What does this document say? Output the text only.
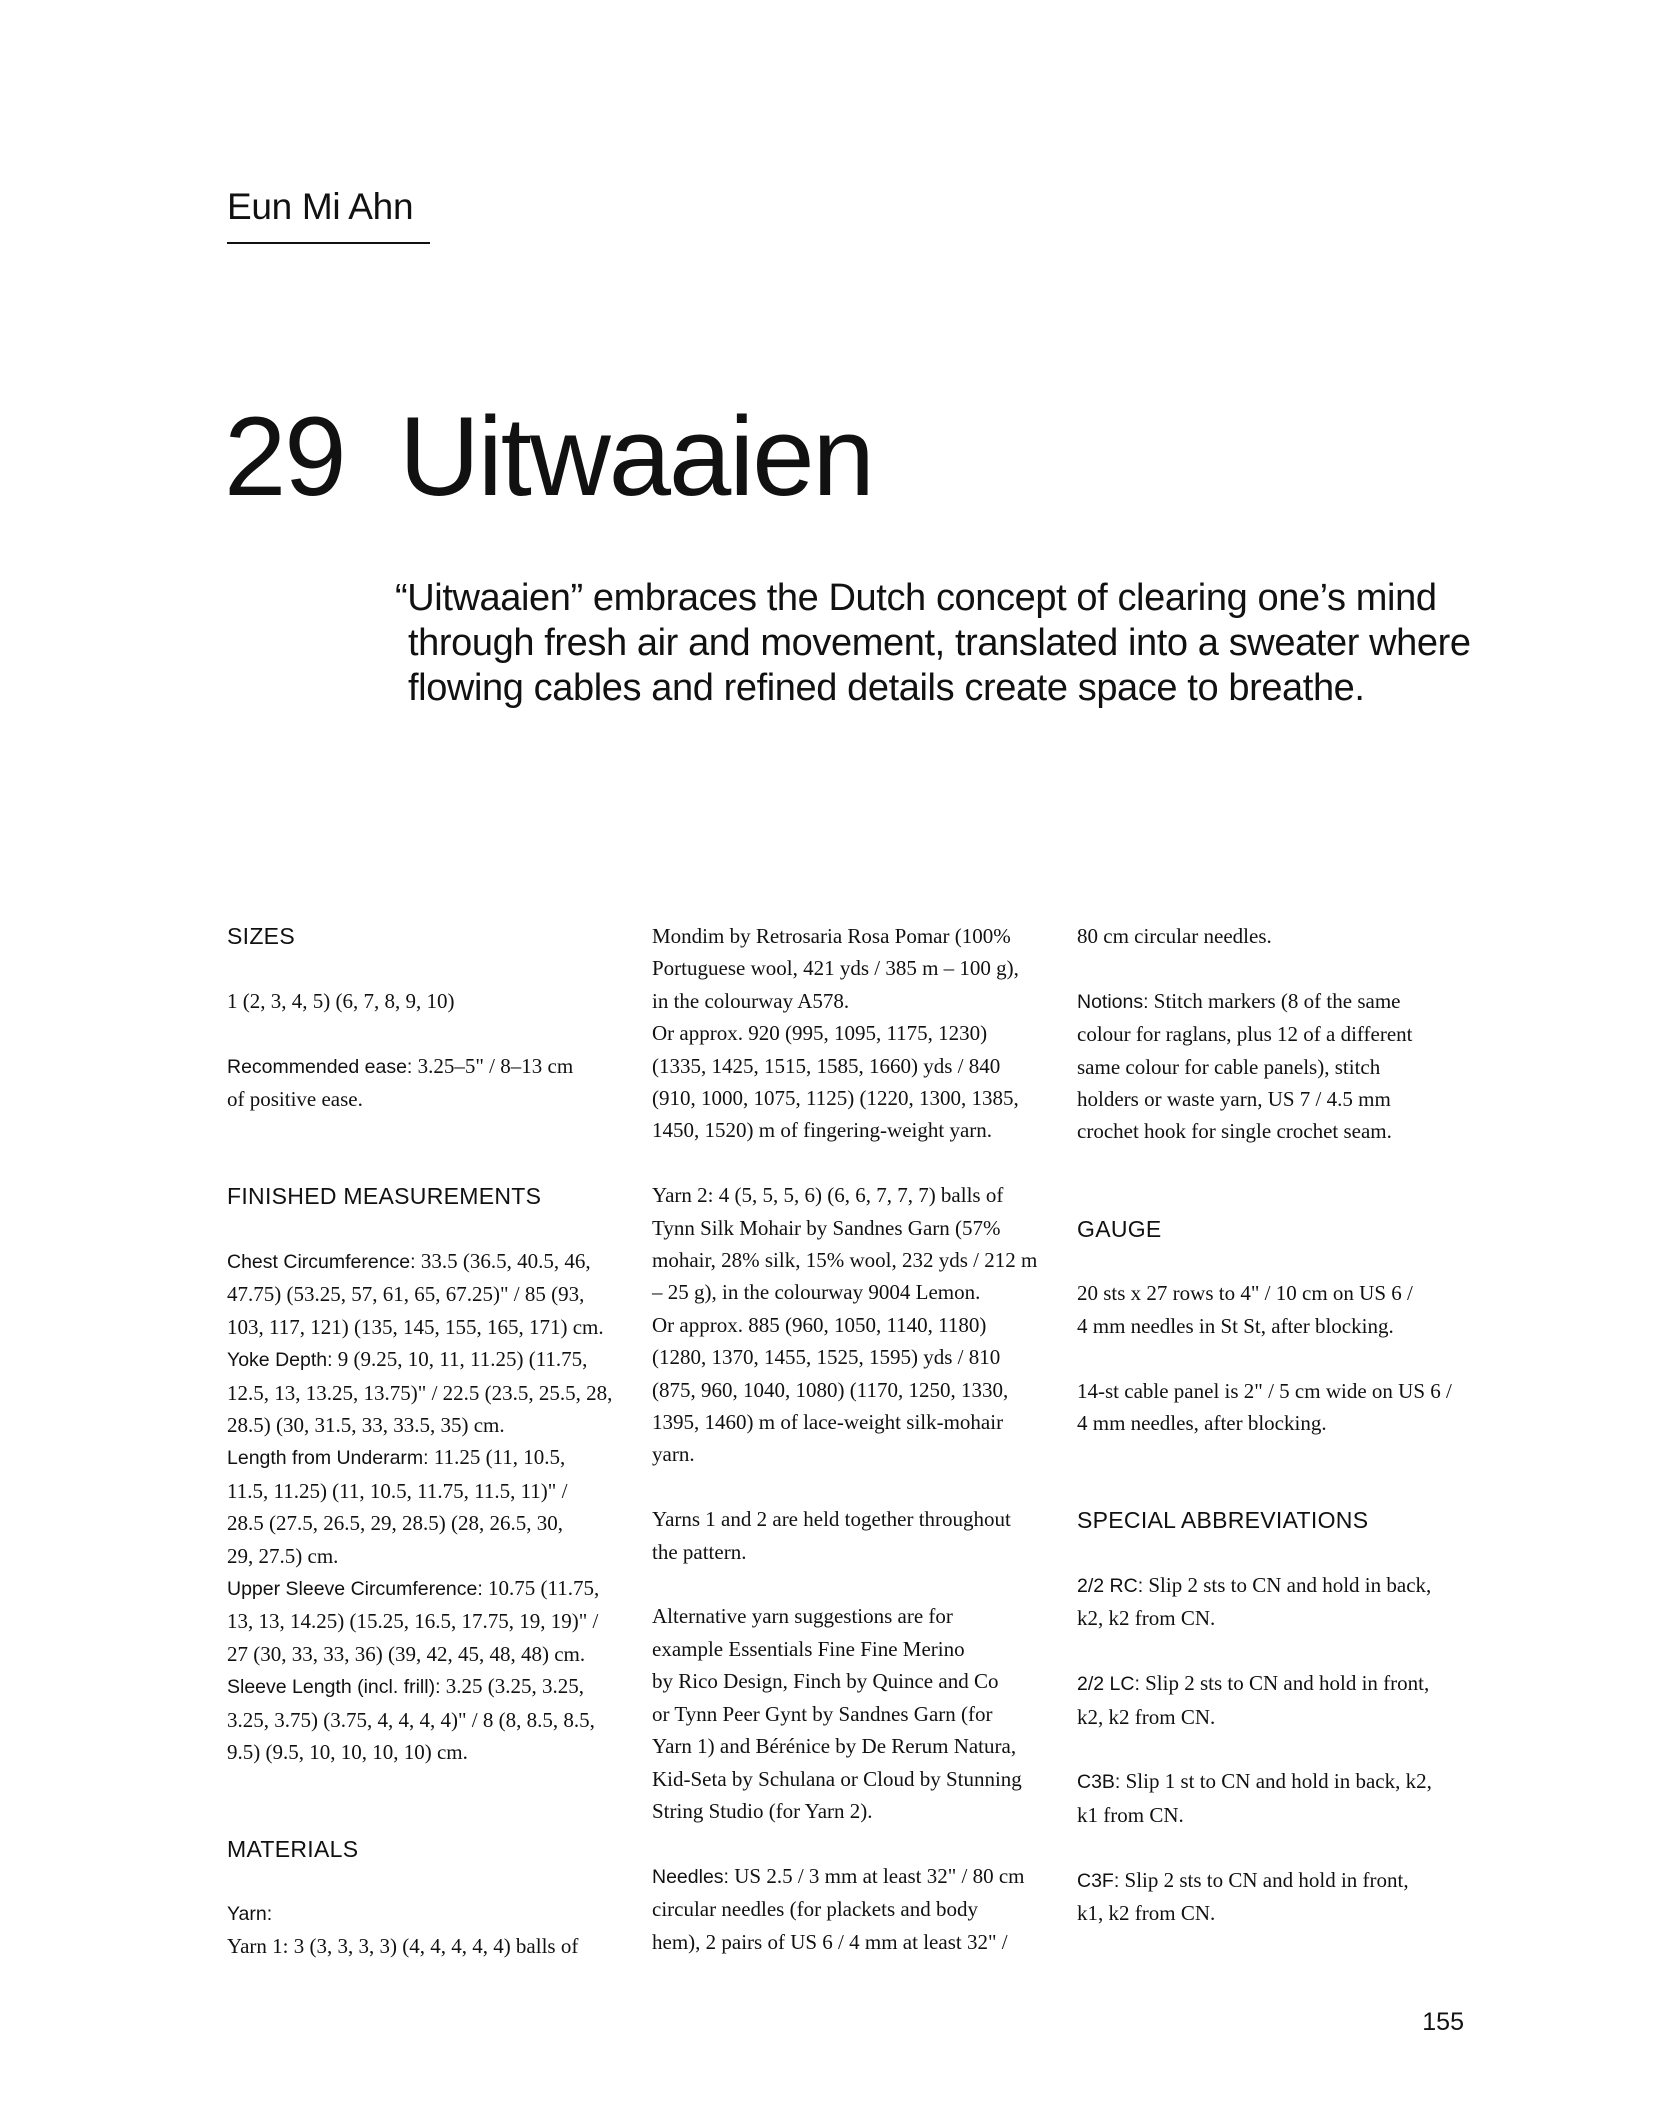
Eun Mi Ahn
29 Uitwaaien

“Uitwaaien” embraces the Dutch concept of clearing one’s mind

through fresh air and movement, translated into a sweater where

flowing cables and refined details create space to breathe.

SIZES

1 (2, 3, 4, 5) (6, 7, 8, 9, 10)

Recommended ease: 3.25–5" / 8–13 cm

of positive ease.

FINISHED MEASUREMENTS

Chest Circumference: 33.5 (36.5, 40.5, 46,

47.75) (53.25, 57, 61, 65, 67.25)" / 85 (93,

103, 117, 121) (135, 145, 155, 165, 171) cm.

Yoke Depth: 9 (9.25, 10, 11, 11.25) (11.75,

12.5, 13, 13.25, 13.75)" / 22.5 (23.5, 25.5, 28,

28.5) (30, 31.5, 33, 33.5, 35) cm.

Length from Underarm: 11.25 (11, 10.5,

11.5, 11.25) (11, 10.5, 11.75, 11.5, 11)" /

28.5 (27.5, 26.5, 29, 28.5) (28, 26.5, 30,

29, 27.5) cm.

Upper Sleeve Circumference: 10.75 (11.75,

13, 13, 14.25) (15.25, 16.5, 17.75, 19, 19)" /

27 (30, 33, 33, 36) (39, 42, 45, 48, 48) cm.

Sleeve Length (incl. frill): 3.25 (3.25, 3.25,

3.25, 3.75) (3.75, 4, 4, 4, 4)" / 8 (8, 8.5, 8.5,

9.5) (9.5, 10, 10, 10, 10) cm.

MATERIALS

Yarn:

Yarn 1: 3 (3, 3, 3, 3) (4, 4, 4, 4, 4) balls of

Mondim by Retrosaria Rosa Pomar (100%

Portuguese wool, 421 yds / 385 m – 100 g),

in the colourway A578.

Or approx. 920 (995, 1095, 1175, 1230)

(1335, 1425, 1515, 1585, 1660) yds / 840

(910, 1000, 1075, 1125) (1220, 1300, 1385,

1450, 1520) m of fingering-weight yarn.

Yarn 2: 4 (5, 5, 5, 6) (6, 6, 7, 7, 7) balls of

Tynn Silk Mohair by Sandnes Garn (57%

mohair, 28% silk, 15% wool, 232 yds / 212 m

– 25 g), in the colourway 9004 Lemon.

Or approx. 885 (960, 1050, 1140, 1180)

(1280, 1370, 1455, 1525, 1595) yds / 810

(875, 960, 1040, 1080) (1170, 1250, 1330,

1395, 1460) m of lace-weight silk-mohair

yarn.

Yarns 1 and 2 are held together throughout

the pattern.

Alternative yarn suggestions are for

example Essentials Fine Fine Merino

by Rico Design, Finch by Quince and Co

or Tynn Peer Gynt by Sandnes Garn (for

Yarn 1) and Bérénice by De Rerum Natura,

Kid-Seta by Schulana or Cloud by Stunning

String Studio (for Yarn 2).

Needles: US 2.5 / 3 mm at least 32" / 80 cm

circular needles (for plackets and body

hem), 2 pairs of US 6 / 4 mm at least 32" /

80 cm circular needles.

Notions: Stitch markers (8 of the same

colour for raglans, plus 12 of a different

same colour for cable panels), stitch

holders or waste yarn, US 7 / 4.5 mm

crochet hook for single crochet seam.

GAUGE

20 sts x 27 rows to 4" / 10 cm on US 6 /

4 mm needles in St St, after blocking.

14-st cable panel is 2" / 5 cm wide on US 6 /

4 mm needles, after blocking.

SPECIAL ABBREVIATIONS

2/2 RC: Slip 2 sts to CN and hold in back,

k2, k2 from CN.

2/2 LC: Slip 2 sts to CN and hold in front,

k2, k2 from CN.

C3B: Slip 1 st to CN and hold in back, k2,

k1 from CN.

C3F: Slip 2 sts to CN and hold in front,

k1, k2 from CN.

155
